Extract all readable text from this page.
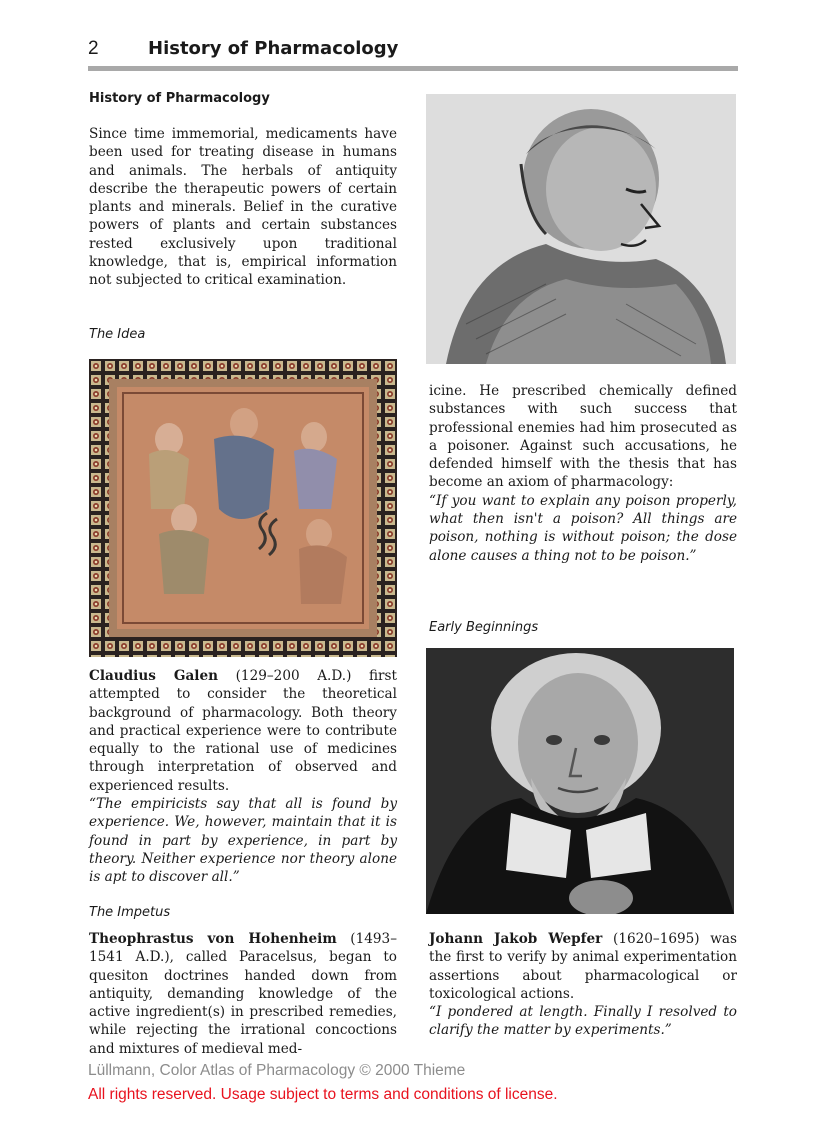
2	History of Pharmacology

History of Pharmacology

Since time immemorial, medicaments have been used for treating disease in humans and animals. The herbals of antiquity describe the therapeutic powers of certain plants and minerals. Belief in the curative powers of plants and certain substances rested exclusively upon traditional knowledge, that is, empirical information not subjected to critical examination.

The Idea

Claudius Galen (129–200 A.D.) first attempted to consider the theoretical background of pharmacology. Both theory and practical experience were to contribute equally to the rational use of medicines through interpretation of observed and experienced results.

“The empiricists say that all is found by experience. We, however, maintain that it is found in part by experience, in part by theory. Neither experience nor theory alone is apt to discover all.”

The Impetus

Theophrastus von Hohenheim (1493–1541 A.D.), called Paracelsus, began to quesiton doctrines handed down from antiquity, demanding knowledge of the active ingredient(s) in prescribed remedies, while rejecting the irrational concoctions and mixtures of medieval med-

icine. He prescribed chemically defined substances with such success that professional enemies had him prosecuted as a poisoner. Against such accusations, he defended himself with the thesis that has become an axiom of pharmacology:

“If you want to explain any poison properly, what then isn't a poison? All things are poison, nothing is without poison; the dose alone causes a thing not to be poison.”

Early Beginnings

Johann Jakob Wepfer (1620–1695) was the first to verify by animal experimentation assertions about pharmacological or toxicological actions.

“I pondered at length. Finally I resolved to clarify the matter by experiments.”

Lüllmann, Color Atlas of Pharmacology © 2000 Thieme
All rights reserved. Usage subject to terms and conditions of license.
